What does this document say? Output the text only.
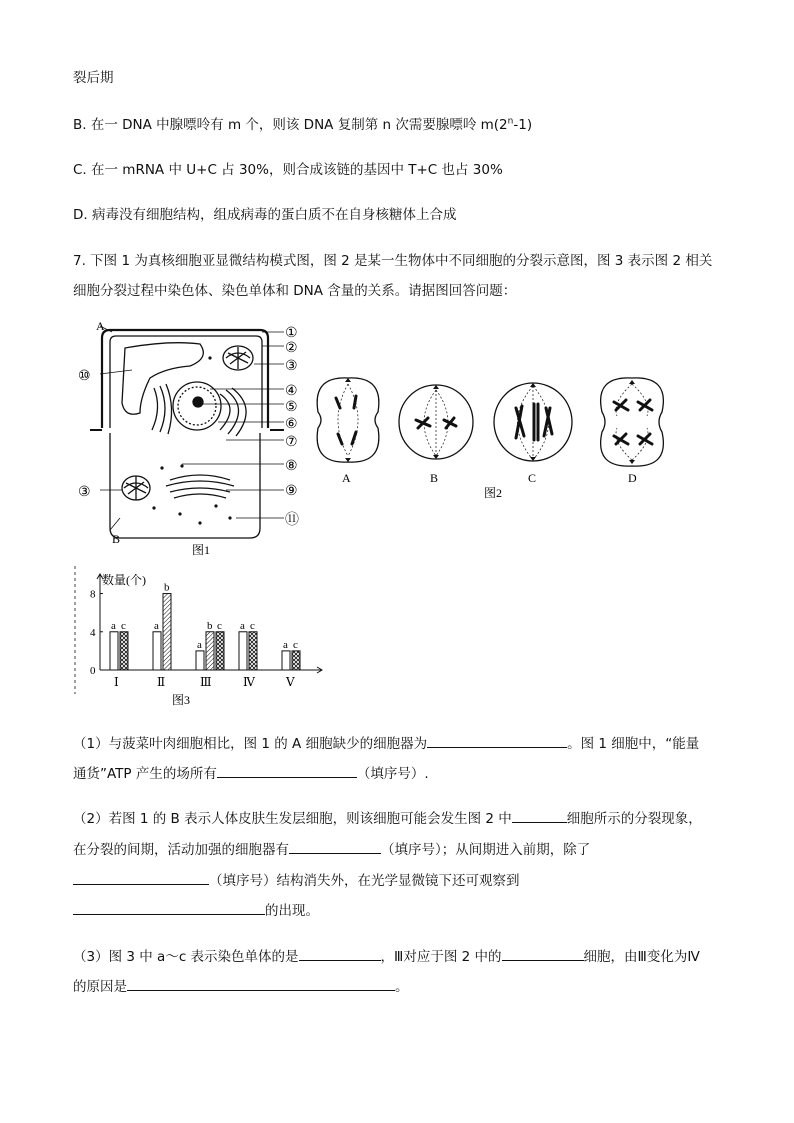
裂后期
B. 在一 DNA 中腺嘌呤有 m 个，则该 DNA 复制第 n 次需要腺嘌呤 m(2$^n$-1)
C. 在一 mRNA 中 U+C 占 30%，则合成该链的基因中 T+C 也占 30%
D. 病毒没有细胞结构，组成病毒的蛋白质不在自身核糖体上合成
7. 下图 1 为真核细胞亚显微结构模式图，图 2 是某一生物体中不同细胞的分裂示意图，图 3 表示图 2 相关
细胞分裂过程中染色体、染色单体和 DNA 含量的关系。请据图回答问题：
A
B
①
②
③
④
⑤
⑥
⑦
⑧
⑨
⑩
③
⑪
图1
A	B	C	D
图2
数量(个)
0
4
8
a c
Ⅰ
a
b
Ⅱ
a
b c
Ⅲ
a c
Ⅳ
a c
Ⅴ
图3
（1）与菠菜叶肉细胞相比，图 1 的 A 细胞缺少的细胞器为	。图 1 细胞中，“能量
通货”ATP 产生的场所有	（填序号）.
（2）若图 1 的 B 表示人体皮肤生发层细胞，则该细胞可能会发生图 2 中	细胞所示的分裂现象，
在分裂的间期，活动加强的细胞器有	（填序号）；从间期进入前期，除了
（填序号）结构消失外，在光学显微镜下还可观察到
的出现。
（3）图 3 中 a～c 表示染色单体的是	，Ⅲ对应于图 2 中的	细胞，由Ⅲ变化为Ⅳ
的原因是	。
